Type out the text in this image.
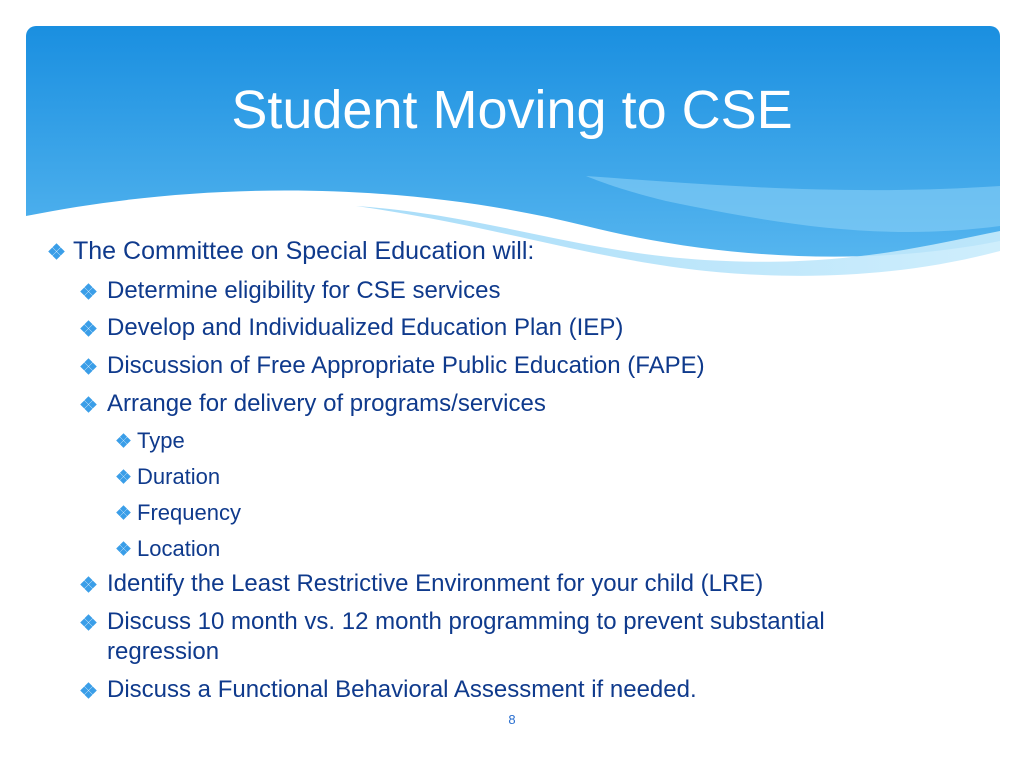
Student Moving to CSE
The Committee on Special Education will:
Determine eligibility for CSE services
Develop and Individualized Education Plan (IEP)
Discussion of Free Appropriate Public Education (FAPE)
Arrange for delivery of programs/services
Type
Duration
Frequency
Location
Identify the Least Restrictive Environment for your child (LRE)
Discuss 10 month vs. 12 month programming to prevent substantial regression
Discuss a Functional Behavioral Assessment if needed.
8
